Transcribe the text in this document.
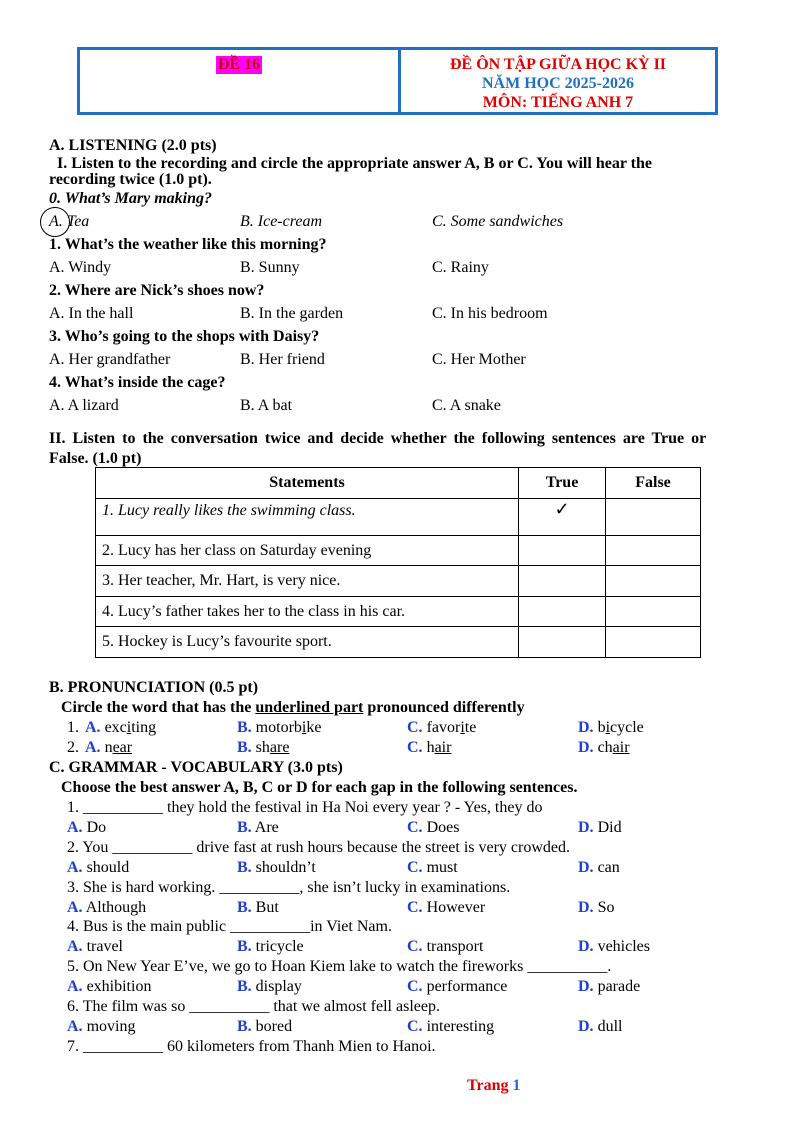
ĐỀ 16	ĐỀ ÔN TẬP GIỮA HỌC KỲ II
NĂM HỌC 2025-2026
MÔN: TIẾNG ANH 7
A. LISTENING (2.0 pts)
I. Listen to the recording and circle the appropriate answer A, B or C. You will hear the
recording twice (1.0 pt).
0. What’s Mary making?
A. Tea	B. Ice-cream	C. Some sandwiches
1. What’s the weather like this morning?
A. Windy	B. Sunny	C. Rainy
2. Where are Nick’s shoes now?
A. In the hall	B. In the garden	C. In his bedroom
3. Who’s going to the shops with Daisy?
A. Her grandfather	B. Her friend	C. Her Mother
4. What’s inside the cage?
A. A lizard	B. A bat	C. A snake
II. Listen to the conversation twice and decide whether the following sentences are True or
False. (1.0 pt)
Statements	True	False
1. Lucy really likes the swimming class.	✓	
2. Lucy has her class on Saturday evening		
3. Her teacher, Mr. Hart, is very nice.		
4. Lucy’s father takes her to the class in his car.		
5. Hockey is Lucy’s favourite sport.		
B. PRONUNCIATION (0.5 pt)
Circle the word that has the underlined part pronounced differently
1. A. exciting	B. motorbike	C. favorite	D. bicycle
2. A. near	B. share	C. hair	D. chair
C. GRAMMAR - VOCABULARY (3.0 pts)
Choose the best answer A, B, C or D for each gap in the following sentences.
1. __________ they hold the festival in Ha Noi every year ? - Yes, they do
A. Do	B. Are	C. Does	D. Did
2. You __________ drive fast at rush hours because the street is very crowded.
A. should	B. shouldn’t	C. must	D. can
3. She is hard working. __________, she isn’t lucky in examinations.
A. Although	B. But	C. However	D. So
4. Bus is the main public __________in Viet Nam.
A. travel	B. tricycle	C. transport	D. vehicles
5. On New Year E’ve, we go to Hoan Kiem lake to watch the fireworks __________.
A. exhibition	B. display	C. performance	D. parade
6. The film was so __________ that we almost fell asleep.
A. moving	B. bored	C. interesting	D. dull
7. __________ 60 kilometers from Thanh Mien to Hanoi.
Trang 1
